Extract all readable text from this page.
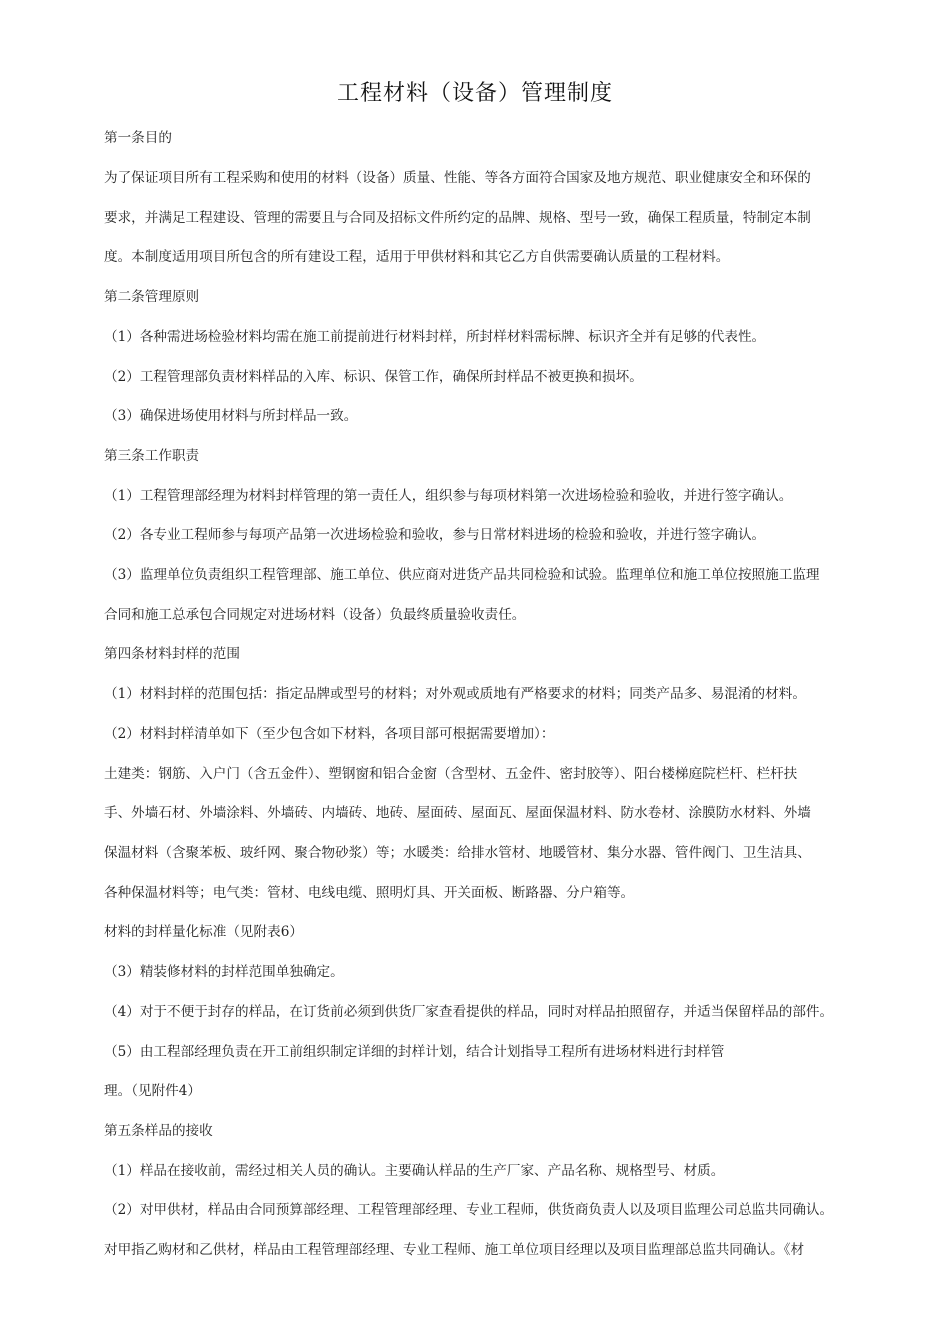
工程材料（设备）管理制度
第一条目的
为了保证项目所有工程采购和使用的材料（设备）质量、性能、等各方面符合国家及地方规范、职业健康安全和环保的
要求，并满足工程建设、管理的需要且与合同及招标文件所约定的品牌、规格、型号一致，确保工程质量，特制定本制
度。本制度适用项目所包含的所有建设工程，适用于甲供材料和其它乙方自供需要确认质量的工程材料。
第二条管理原则
（1）各种需进场检验材料均需在施工前提前进行材料封样，所封样材料需标牌、标识齐全并有足够的代表性。
（2）工程管理部负责材料样品的入库、标识、保管工作，确保所封样品不被更换和损坏。
（3）确保进场使用材料与所封样品一致。
第三条工作职责
（1）工程管理部经理为材料封样管理的第一责任人，组织参与每项材料第一次进场检验和验收，并进行签字确认。
（2）各专业工程师参与每项产品第一次进场检验和验收，参与日常材料进场的检验和验收，并进行签字确认。
（3）监理单位负责组织工程管理部、施工单位、供应商对进货产品共同检验和试验。监理单位和施工单位按照施工监理
合同和施工总承包合同规定对进场材料（设备）负最终质量验收责任。
第四条材料封样的范围
（1）材料封样的范围包括：指定品牌或型号的材料；对外观或质地有严格要求的材料；同类产品多、易混淆的材料。
（2）材料封样清单如下（至少包含如下材料，各项目部可根据需要增加）：
土建类：钢筋、入户门（含五金件）、塑钢窗和铝合金窗（含型材、五金件、密封胶等）、阳台楼梯庭院栏杆、栏杆扶
手、外墙石材、外墙涂料、外墙砖、内墙砖、地砖、屋面砖、屋面瓦、屋面保温材料、防水卷材、涂膜防水材料、外墙
保温材料（含聚苯板、玻纤网、聚合物砂浆）等；水暖类：给排水管材、地暖管材、集分水器、管件阀门、卫生洁具、
各种保温材料等；电气类：管材、电线电缆、照明灯具、开关面板、断路器、分户箱等。
材料的封样量化标准（见附表6）
（3）精装修材料的封样范围单独确定。
（4）对于不便于封存的样品，在订货前必须到供货厂家查看提供的样品，同时对样品拍照留存，并适当保留样品的部件。
（5）由工程部经理负责在开工前组织制定详细的封样计划，结合计划指导工程所有进场材料进行封样管
理。（见附件4）
第五条样品的接收
（1）样品在接收前，需经过相关人员的确认。主要确认样品的生产厂家、产品名称、规格型号、材质。
（2）对甲供材，样品由合同预算部经理、工程管理部经理、专业工程师，供货商负责人以及项目监理公司总监共同确认。
对甲指乙购材和乙供材，样品由工程管理部经理、专业工程师、施工单位项目经理以及项目监理部总监共同确认。《材
